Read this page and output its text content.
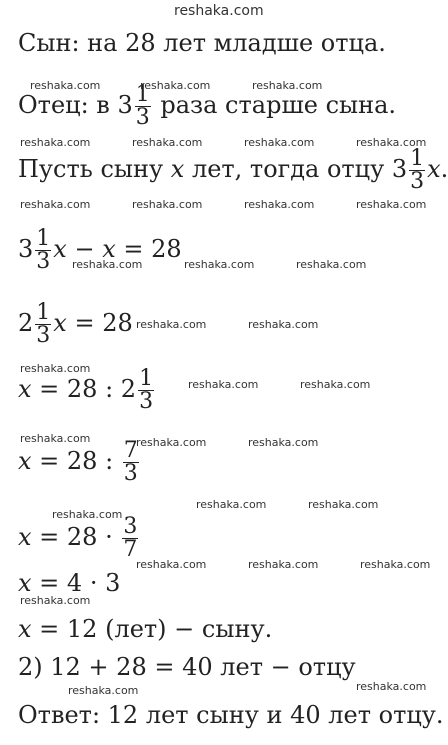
reshaka.com
Сын: на 28 лет младше отца.
Отец: в $3 \frac{1}{3}$ раза старше сына.
Пусть сыну x лет, тогда отцу $3 \frac{1}{3} x$.
$3 \frac{1}{3}$ x − x = 28
$2 \frac{1}{3}$ x = 28
x = 28 : $2 \frac{1}{3}$
x = 28 : $\frac{7}{3}$
$x = 28 \cdot \frac{3}{7}$
x = 4 · 3
x = 12 (лет) − сыну.
2) 12 + 28 = 40 лет − отцу
Ответ: 12 лет сыну и 40 лет отцу.
reshaka.com	reshaka.com	reshaka.com
reshaka.com	reshaka.com	reshaka.com	reshaka.com
reshaka.com	reshaka.com	reshaka.com	reshaka.com
reshaka.com	reshaka.com	reshaka.com
reshaka.com	reshaka.com
reshaka.com
reshaka.com	reshaka.com
reshaka.com	reshaka.com	reshaka.com
reshaka.com	reshaka.com
reshaka.com
reshaka.com	reshaka.com	reshaka.com
reshaka.com
reshaka.com
reshaka.com
